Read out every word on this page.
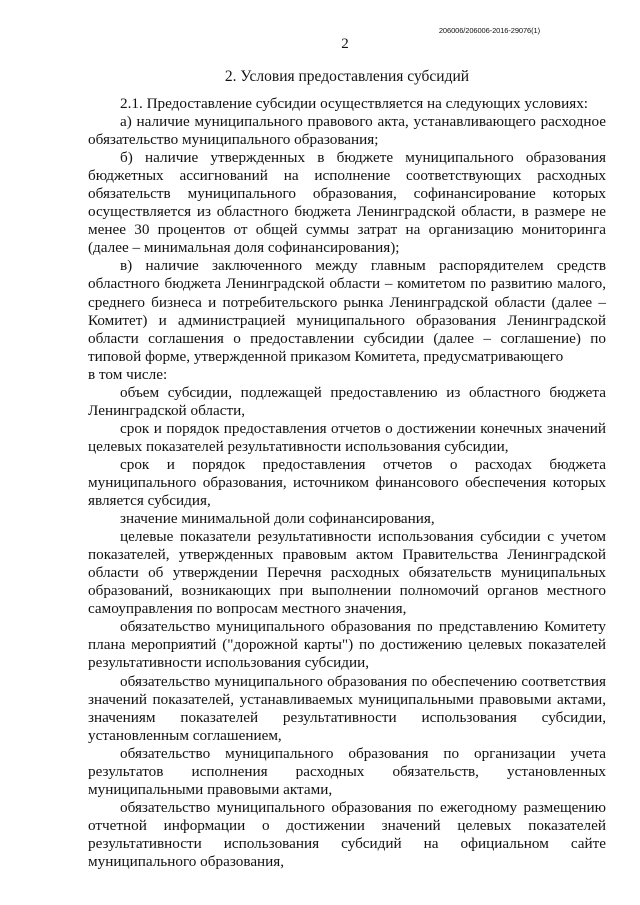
206006/206006-2016-29076(1)
2
2. Условия предоставления субсидий

2.1. Предоставление субсидии осуществляется на следующих условиях:

а) наличие муниципального правового акта, устанавливающего расходное обязательство муниципального образования;

б) наличие утвержденных в бюджете муниципального образования бюджетных ассигнований на исполнение соответствующих расходных обязательств муниципального образования, софинансирование которых осуществляется из областного бюджета Ленинградской области, в размере не менее 30 процентов от общей суммы затрат на организацию мониторинга (далее – минимальная доля софинансирования);

в) наличие заключенного между главным распорядителем средств областного бюджета Ленинградской области – комитетом по развитию малого, среднего бизнеса и потребительского рынка Ленинградской области (далее – Комитет) и администрацией муниципального образования Ленинградской области соглашения о предоставлении субсидии (далее – соглашение) по типовой форме, утвержденной приказом Комитета, предусматривающего

в том числе:

объем субсидии, подлежащей предоставлению из областного бюджета Ленинградской области,

срок и порядок предоставления отчетов о достижении конечных значений целевых показателей результативности использования субсидии,

срок и порядок предоставления отчетов о расходах бюджета муниципального образования, источником финансового обеспечения которых является субсидия,

значение минимальной доли софинансирования,

целевые показатели результативности использования субсидии с учетом показателей, утвержденных правовым актом Правительства Ленинградской области об утверждении Перечня расходных обязательств муниципальных образований, возникающих при выполнении полномочий органов местного самоуправления по вопросам местного значения,

обязательство муниципального образования по представлению Комитету плана мероприятий ("дорожной карты") по достижению целевых показателей результативности использования субсидии,

обязательство муниципального образования по обеспечению соответствия значений показателей, устанавливаемых муниципальными правовыми актами, значениям показателей результативности использования субсидии, установленным соглашением,

обязательство муниципального образования по организации учета результатов исполнения расходных обязательств, установленных муниципальными правовыми актами,

обязательство муниципального образования по ежегодному размещению отчетной информации о достижении значений целевых показателей результативности использования субсидий на официальном сайте муниципального образования,
